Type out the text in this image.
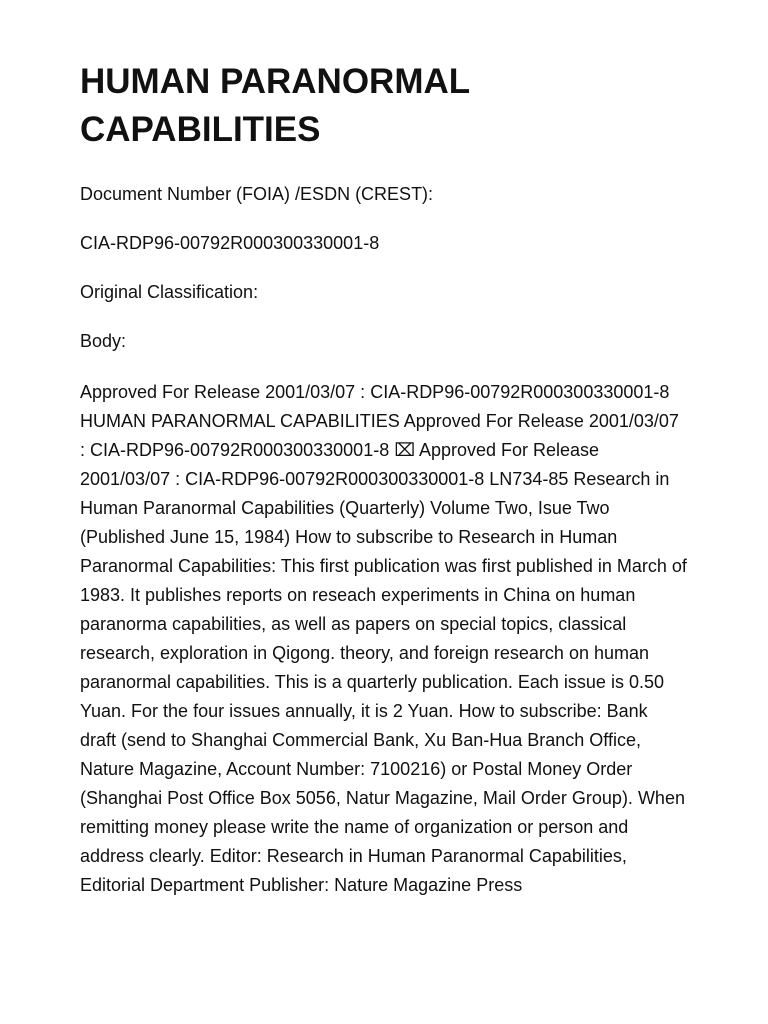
HUMAN PARANORMAL CAPABILITIES

Document Number (FOIA) /ESDN (CREST):

CIA-RDP96-00792R000300330001-8

Original Classification:

Body:

Approved For Release 2001/03/07 : CIA-RDP96-00792R000300330001-8 HUMAN PARANORMAL CAPABILITIES Approved For Release 2001/03/07 : CIA-RDP96-00792R000300330001-8 ⌧ Approved For Release 2001/03/07 : CIA-RDP96-00792R000300330001-8 LN734-85 Research in Human Paranormal Capabilities (Quarterly) Volume Two, Isue Two (Published June 15, 1984) How to subscribe to Research in Human Paranormal Capabilities: This first publication was first published in March of 1983. It publishes reports on reseach experiments in China on human paranorma capabilities, as well as papers on special topics, classical research, exploration in Qigong. theory, and foreign research on human paranormal capabilities. This is a quarterly publication. Each issue is 0.50 Yuan. For the four issues annually, it is 2 Yuan. How to subscribe: Bank draft (send to Shanghai Commercial Bank, Xu Ban-Hua Branch Office, Nature Magazine, Account Number: 7100216) or Postal Money Order (Shanghai Post Office Box 5056, Natur Magazine, Mail Order Group). When remitting money please write the name of organization or person and address clearly. Editor: Research in Human Paranormal Capabilities, Editorial Department Publisher: Nature Magazine Press
